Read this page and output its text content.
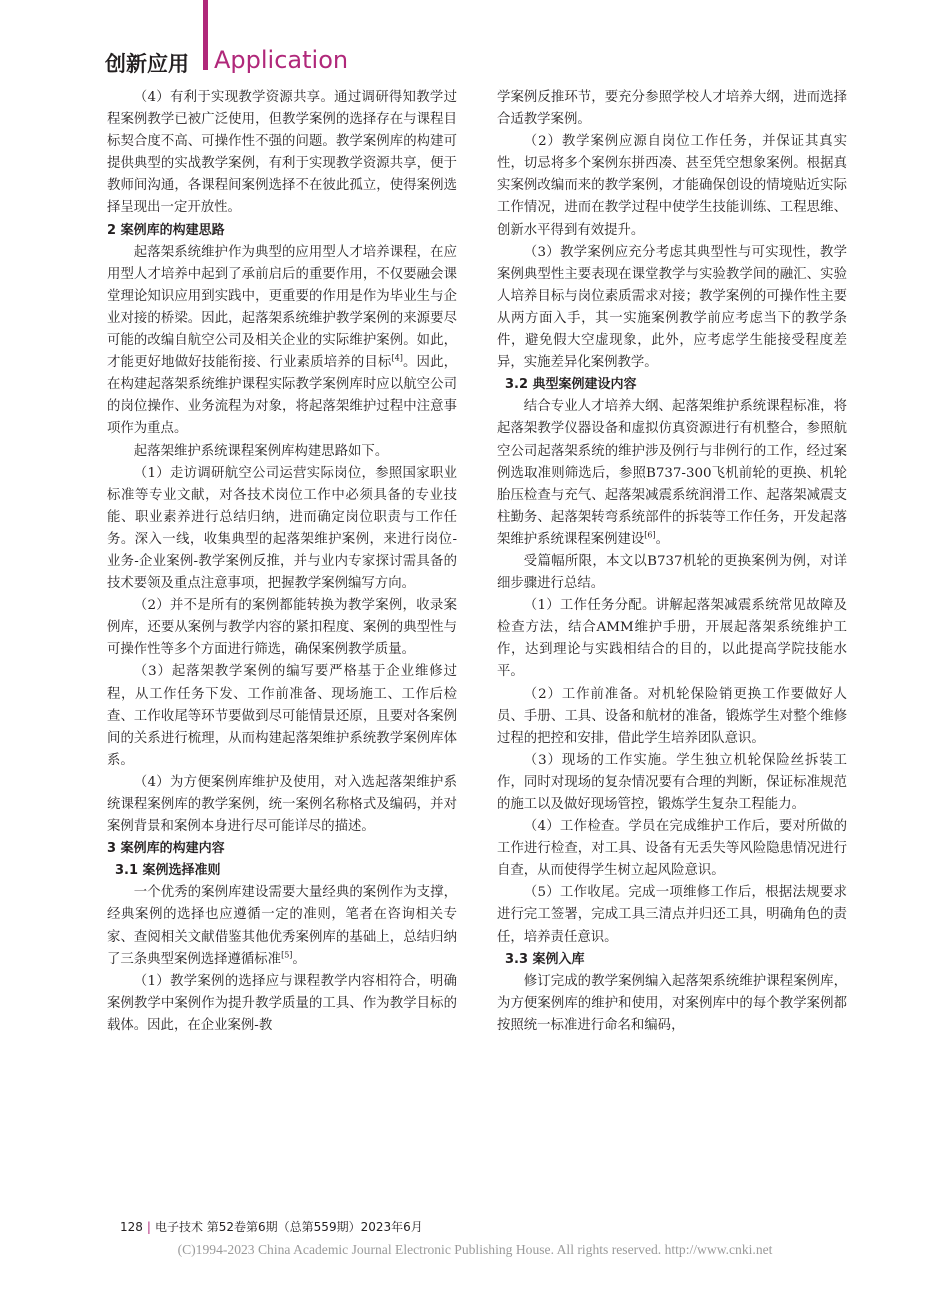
创新应用 Application

（4）有利于实现教学资源共享。通过调研得知教学过程案例教学已被广泛使用，但教学案例的选择存在与课程目标契合度不高、可操作性不强的问题。教学案例库的构建可提供典型的实战教学案例，有利于实现教学资源共享，便于教师间沟通，各课程间案例选择不在彼此孤立，使得案例选择呈现出一定开放性。

2 案例库的构建思路

起落架系统维护作为典型的应用型人才培养课程，在应用型人才培养中起到了承前启后的重要作用，不仅要融会课堂理论知识应用到实践中，更重要的作用是作为毕业生与企业对接的桥梁。因此，起落架系统维护教学案例的来源要尽可能的改编自航空公司及相关企业的实际维护案例。如此，才能更好地做好技能衔接、行业素质培养的目标[4]。因此，在构建起落架系统维护课程实际教学案例库时应以航空公司的岗位操作、业务流程为对象，将起落架维护过程中注意事项作为重点。

起落架维护系统课程案例库构建思路如下。

（1）走访调研航空公司运营实际岗位，参照国家职业标准等专业文献，对各技术岗位工作中必须具备的专业技能、职业素养进行总结归纳，进而确定岗位职责与工作任务。深入一线，收集典型的起落架维护案例，来进行岗位-业务-企业案例-教学案例反推，并与业内专家探讨需具备的技术要领及重点注意事项，把握教学案例编写方向。

（2）并不是所有的案例都能转换为教学案例，收录案例库，还要从案例与教学内容的紧扣程度、案例的典型性与可操作性等多个方面进行筛选，确保案例教学质量。

（3）起落架教学案例的编写要严格基于企业维修过程，从工作任务下发、工作前准备、现场施工、工作后检查、工作收尾等环节要做到尽可能情景还原，且要对各案例间的关系进行梳理，从而构建起落架维护系统教学案例库体系。

（4）为方便案例库维护及使用，对入选起落架维护系统课程案例库的教学案例，统一案例名称格式及编码，并对案例背景和案例本身进行尽可能详尽的描述。

3 案例库的构建内容
3.1 案例选择准则

一个优秀的案例库建设需要大量经典的案例作为支撑，经典案例的选择也应遵循一定的准则，笔者在咨询相关专家、查阅相关文献借鉴其他优秀案例库的基础上，总结归纳了三条典型案例选择遵循标准[5]。

（1）教学案例的选择应与课程教学内容相符合，明确案例教学中案例作为提升教学质量的工具、作为教学目标的载体。因此，在企业案例-教

学案例反推环节，要充分参照学校人才培养大纲，进而选择合适教学案例。

（2）教学案例应源自岗位工作任务，并保证其真实性，切忌将多个案例东拼西凑、甚至凭空想象案例。根据真实案例改编而来的教学案例，才能确保创设的情境贴近实际工作情况，进而在教学过程中使学生技能训练、工程思维、创新水平得到有效提升。

（3）教学案例应充分考虑其典型性与可实现性，教学案例典型性主要表现在课堂教学与实验教学间的融汇、实验人培养目标与岗位素质需求对接；教学案例的可操作性主要从两方面入手，其一实施案例教学前应考虑当下的教学条件，避免假大空虚现象，此外，应考虑学生能接受程度差异，实施差异化案例教学。

3.2 典型案例建设内容

结合专业人才培养大纲、起落架维护系统课程标准，将起落架教学仪器设备和虚拟仿真资源进行有机整合，参照航空公司起落架系统的维护涉及例行与非例行的工作，经过案例选取准则筛选后，参照B737-300飞机前轮的更换、机轮胎压检查与充气、起落架减震系统润滑工作、起落架减震支柱勤务、起落架转弯系统部件的拆装等工作任务，开发起落架维护系统课程案例建设[6]。

受篇幅所限，本文以B737机轮的更换案例为例，对详细步骤进行总结。

（1）工作任务分配。讲解起落架减震系统常见故障及检查方法，结合AMM维护手册，开展起落架系统维护工作，达到理论与实践相结合的目的，以此提高学院技能水平。

（2）工作前准备。对机轮保险销更换工作要做好人员、手册、工具、设备和航材的准备，锻炼学生对整个维修过程的把控和安排，借此学生培养团队意识。

（3）现场的工作实施。学生独立机轮保险丝拆装工作，同时对现场的复杂情况要有合理的判断，保证标准规范的施工以及做好现场管控，锻炼学生复杂工程能力。

（4）工作检查。学员在完成维护工作后，要对所做的工作进行检查，对工具、设备有无丢失等风险隐患情况进行自查，从而使得学生树立起风险意识。

（5）工作收尾。完成一项维修工作后，根据法规要求进行完工签署，完成工具三清点并归还工具，明确角色的责任，培养责任意识。

3.3 案例入库

修订完成的教学案例编入起落架系统维护课程案例库，为方便案例库的维护和使用，对案例库中的每个教学案例都按照统一标准进行命名和编码，

128 | 电子技术 第52卷第6期（总第559期）2023年6月
(C)1994-2023 China Academic Journal Electronic Publishing House. All rights reserved. http://www.cnki.net
